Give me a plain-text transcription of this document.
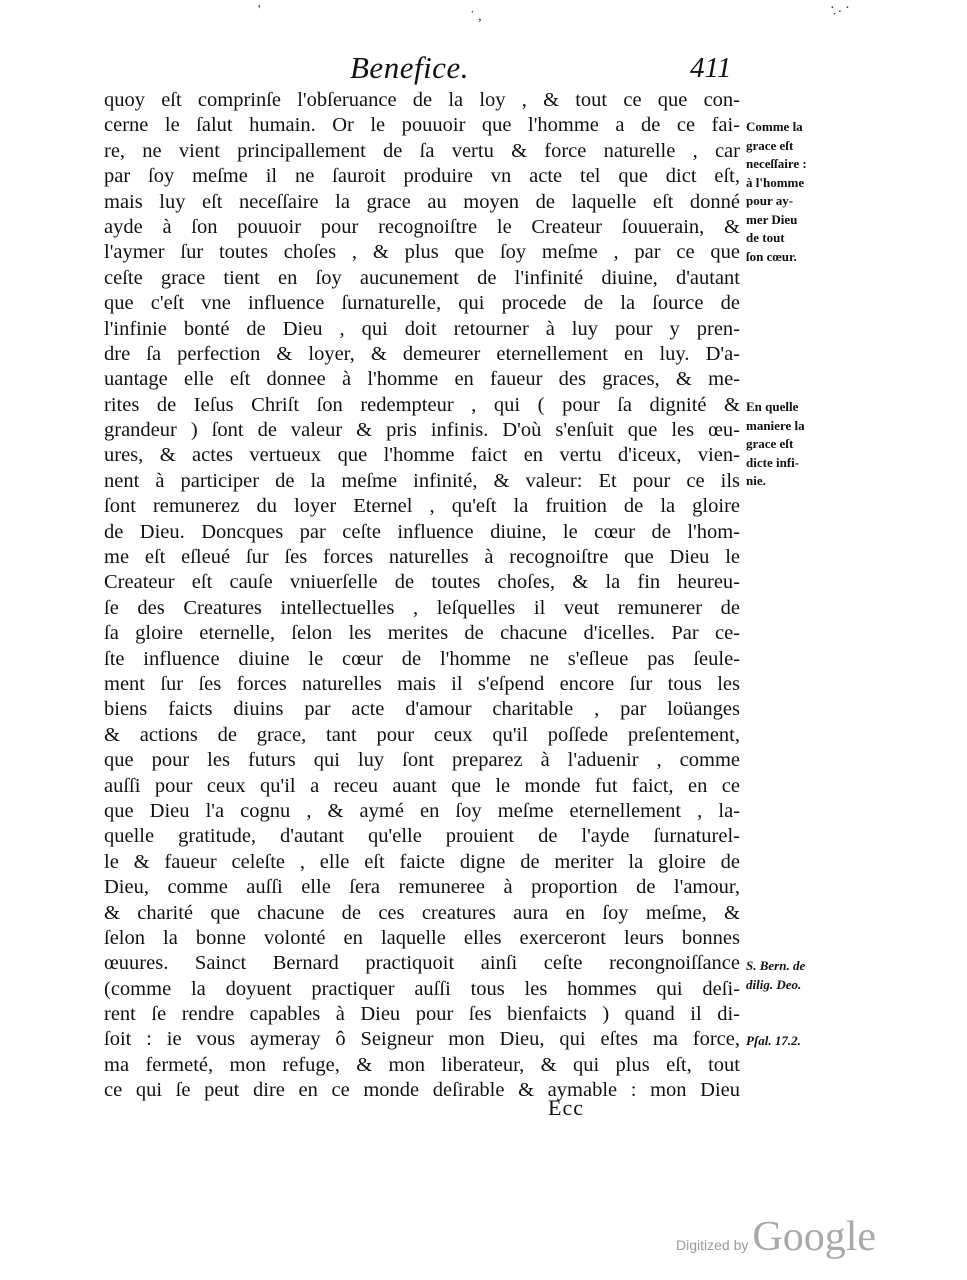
'	˙ ,
·̣ . ·
Benefice.	411
quoy eſt comprinſe l'obſeruance de la loy , & tout ce que con-
cerne le ſalut humain. Or le pouuoir que l'homme a de ce fai-
re, ne vient principallement de ſa vertu & force naturelle , car
par ſoy meſme il ne ſauroit produire vn acte tel que dict eſt,
mais luy eſt neceſſaire la grace au moyen de laquelle eſt donné
ayde à ſon pouuoir pour recognoiſtre le Createur ſouuerain, &
l'aymer ſur toutes choſes , & plus que ſoy meſme , par ce que
ceſte grace tient en ſoy aucunement de l'infinité diuine, d'autant
que c'eſt vne influence ſurnaturelle, qui procede de la ſource de
l'infinie bonté de Dieu , qui doit retourner à luy pour y pren-
dre ſa perfection & loyer, & demeurer eternellement en luy. D'a-
uantage elle eſt donnee à l'homme en faueur des graces, & me-
rites de Ieſus Chriſt ſon redempteur , qui ( pour ſa dignité &
grandeur ) ſont de valeur & pris infinis. D'où s'enſuit que les œu-
ures, & actes vertueux que l'homme faict en vertu d'iceux, vien-
nent à participer de la meſme infinité, & valeur: Et pour ce ils
ſont remunerez du loyer Eternel , qu'eſt la fruition de la gloire
de Dieu. Doncques par ceſte influence diuine, le cœur de l'hom-
me eſt eſleué ſur ſes forces naturelles à recognoiſtre que Dieu le
Createur eſt cauſe vniuerſelle de toutes choſes, & la fin heureu-
ſe des Creatures intellectuelles , leſquelles il veut remunerer de
ſa gloire eternelle, ſelon les merites de chacune d'icelles. Par ce-
ſte influence diuine le cœur de l'homme ne s'eſleue pas ſeule-
ment ſur ſes forces naturelles mais il s'eſpend encore ſur tous les
biens faicts diuins par acte d'amour charitable , par loüanges
& actions de grace, tant pour ceux qu'il poſſede preſentement,
que pour les futurs qui luy ſont preparez à l'aduenir , comme
auſſi pour ceux qu'il a receu auant que le monde fut faict, en ce
que Dieu l'a cognu , & aymé en ſoy meſme eternellement , la-
quelle gratitude, d'autant qu'elle prouient de l'ayde ſurnaturel-
le & faueur celeſte , elle eſt faicte digne de meriter la gloire de
Dieu, comme auſſi elle ſera remuneree à proportion de l'amour,
& charité que chacune de ces creatures aura en ſoy meſme, &
ſelon la bonne volonté en laquelle elles exerceront leurs bonnes
œuures. Sainct Bernard practiquoit ainſi ceſte recongnoiſſance
(comme la doyuent practiquer auſſi tous les hommes qui deſi-
rent ſe rendre capables à Dieu pour ſes bienfaicts ) quand il di-
ſoit : ie vous aymeray ô Seigneur mon Dieu, qui eſtes ma force,
ma fermeté, mon refuge, & mon liberateur, & qui plus eſt, tout
ce qui ſe peut dire en ce monde deſirable & aymable : mon Dieu
Comme la
grace eſt
neceſſaire :
à l'homme
pour ay-
mer Dieu
de tout
ſon cœur.
En quelle
maniere la
grace eſt
dicte infi-
nie.
S. Bern. de
dilig. Deo.
Pſal. 17.2.
Ecc
Digitized by Google
